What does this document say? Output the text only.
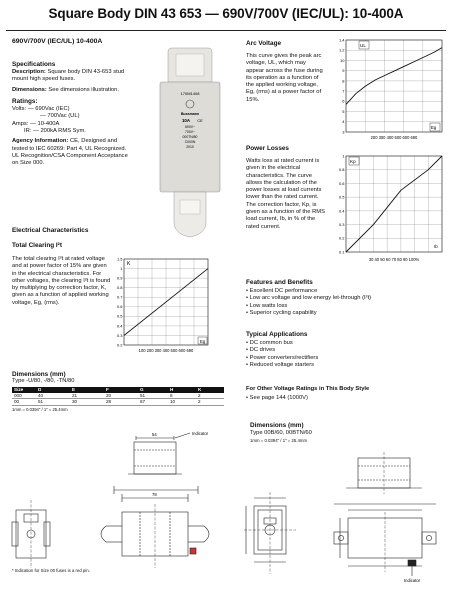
Square Body DIN 43 653 — 690V/700V (IEC/UL): 10-400A
690V/700V (IEC/UL) 10-400A

Specifications

Description: Square body DIN 43-653 stud mount high speed fuses.

Dimensions: See dimensions illustration.

Ratings:

Volts: — 690Vac (IEC)

— 700Vac (UL)

Amps: — 10-400A

IR: — 200kA RMS Sym.

Agency Information: CE, Designed and tested to IEC 60269: Part 4, UL Recognized. UL Recognition/CSA Component Acceptance on Size 000.

170M1408
Bussmann
10A CE
690V~
700V~
000TN/80
C000N
2010
Electrical Characteristics
Total Clearing I²t
The total clearing I²t at rated voltage and at power factor of 15% are given in the electrical characteristics. For other voltages, the clearing I²t is found by multiplying by correction factor, K, given as a function of applied working voltage, Eg, (rms).
K
Eg
0.2
0.3
0.4
0.5
0.6
0.7
0.8
0.9
1
1.5
100 200 300 400 500 600 690
Dimensions (mm)
Type -U/80, -/80, -TN/80
Size	D	E	F	G	H	K
000	40	21	20	51	8	2
00	51	30	28	67	10	2
1mm = 0.0394" / 1" = 25.4mm
Indicator
54
78
* Indication for Size 00 fuses is a red pin.
Arc Voltage
This curve gives the peak arc voltage, UL, which may appear across the fuse during its operation as a function of the applied working voltage, Eg, (rms) at a power factor of 15%.
UL
Eg
3
4
5
6
7
8
9
10
1.2
1.4
200 300 400 500 600 690
Power Losses
Watts loss at rated current is given in the electrical characteristics. The curve allows the calculation of the power losses at load currents lower than the rated current. The correction factor, Kp, is given as a function of the RMS load current, Ib, in % of the rated current.
Kp
Ib
0.1
0.2
0.3
0.4
0.5
0.6
0.8
1
30 40 50 60 70 80 90 100%
Features and Benefits
• Excellent DC performance
• Low arc voltage and low energy let-through (I²t)
• Low watts loss
• Superior cycling capability
Typical Applications
• DC common bus
• DC drives
• Power converters/rectifiers
• Reduced voltage starters
For Other Voltage Ratings in This Body Style
• See page 144 (1000V)
Dimensions (mm)
Type 00B/60, 00BTN/60
1mm = 0.0394" / 1" = 25.4mm
Indicator
